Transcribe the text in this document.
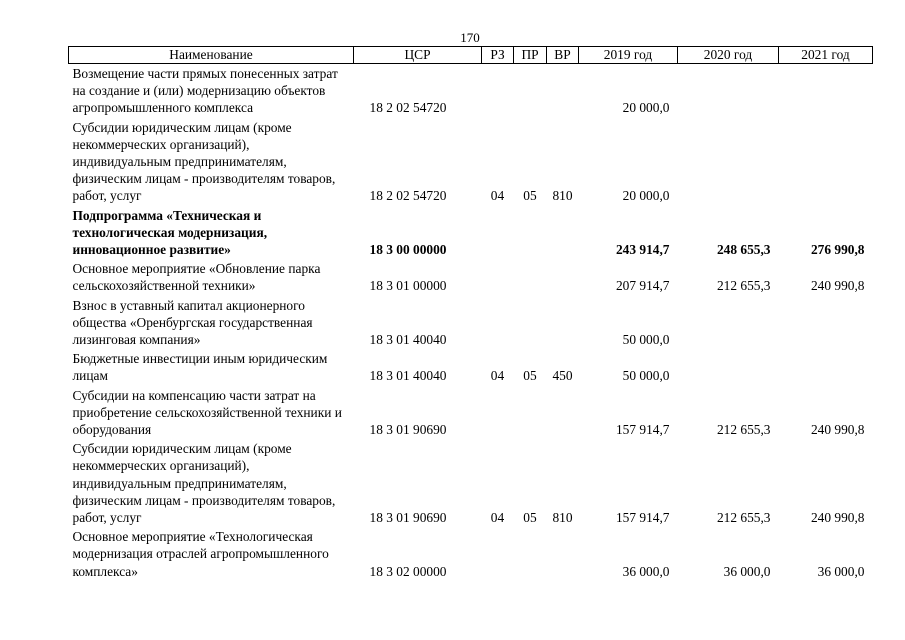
170
Наименование	ЦСР	РЗ	ПР	ВР	2019 год	2020 год	2021 год
Возмещение части прямых понесенных затрат на создание и (или) модернизацию объектов агропромышленного комплекса	18 2 02 54720				20 000,0		
Субсидии юридическим лицам (кроме некоммерческих организаций), индивидуальным предпринимателям, физическим лицам - производителям товаров, работ, услуг	18 2 02 54720	04	05	810	20 000,0		
Подпрограмма «Техническая и технологическая модернизация, инновационное развитие»	18 3 00 00000				243 914,7	248 655,3	276 990,8
Основное мероприятие «Обновление парка сельскохозяйственной техники»	18 3 01 00000				207 914,7	212 655,3	240 990,8
Взнос в уставный капитал акционерного общества «Оренбургская государственная лизинговая компания»	18 3 01 40040				50 000,0		
Бюджетные инвестиции иным юридическим лицам	18 3 01 40040	04	05	450	50 000,0		
Субсидии на компенсацию части затрат на приобретение сельскохозяйственной техники и оборудования	18 3 01 90690				157 914,7	212 655,3	240 990,8
Субсидии юридическим лицам (кроме некоммерческих организаций), индивидуальным предпринимателям, физическим лицам - производителям товаров, работ, услуг	18 3 01 90690	04	05	810	157 914,7	212 655,3	240 990,8
Основное мероприятие «Технологическая модернизация отраслей агропромышленного комплекса»	18 3 02 00000				36 000,0	36 000,0	36 000,0
